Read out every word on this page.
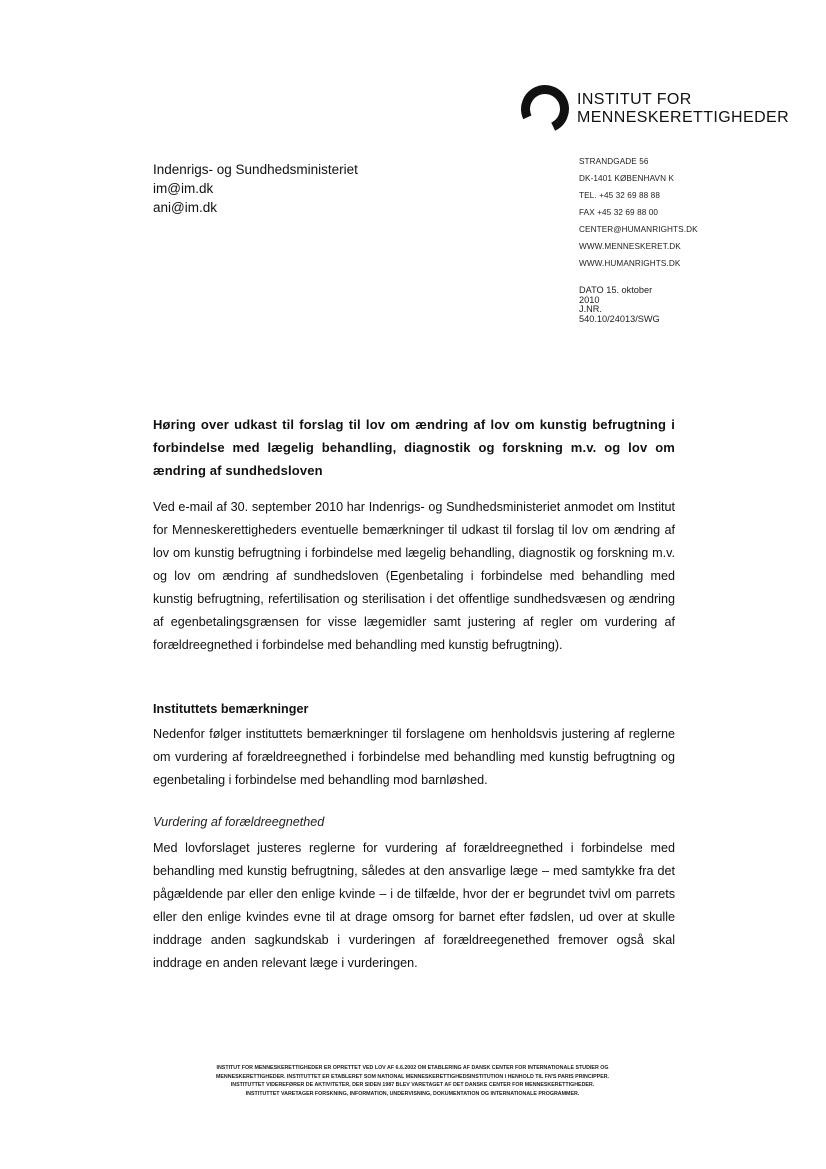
INSTITUT FOR
MENNESKERETTIGHEDER
Indenrigs- og Sundhedsministeriet
im@im.dk
ani@im.dk
STRANDGADE 56
DK-1401 KØBENHAVN K
TEL. +45 32 69 88 88
FAX +45 32 69 88 00
CENTER@HUMANRIGHTS.DK
WWW.MENNESKERET.DK
WWW.HUMANRIGHTS.DK
DATO 15. oktober
2010
J.NR.
540.10/24013/SWG
Høring over udkast til forslag til lov om ændring af lov om kunstig befrugtning i forbindelse med lægelig behandling, diagnostik og forskning m.v. og lov om ændring af sundhedsloven
Ved e-mail af 30. september 2010 har Indenrigs- og Sundhedsministeriet anmodet om Institut for Menneskerettigheders eventuelle bemærkninger til udkast til forslag til lov om ændring af lov om kunstig befrugtning i forbindelse med lægelig behandling, diagnostik og forskning m.v. og lov om ændring af sundhedsloven (Egenbetaling i forbindelse med behandling med kunstig befrugtning, refertilisation og sterilisation i det offentlige sundhedsvæsen og ændring af egenbetalingsgrænsen for visse lægemidler samt justering af regler om vurdering af forældreegnethed i forbindelse med behandling med kunstig befrugtning).
Instituttets bemærkninger
Nedenfor følger instituttets bemærkninger til forslagene om henholdsvis justering af reglerne om vurdering af forældreegnethed i forbindelse med behandling med kunstig befrugtning og egenbetaling i forbindelse med behandling mod barnløshed.
Vurdering af forældreegnethed
Med lovforslaget justeres reglerne for vurdering af forældreegnethed i forbindelse med behandling med kunstig befrugtning, således at den ansvarlige læge – med samtykke fra det pågældende par eller den enlige kvinde – i de tilfælde, hvor der er begrundet tvivl om parrets eller den enlige kvindes evne til at drage omsorg for barnet efter fødslen, ud over at skulle inddrage anden sagkundskab i vurderingen af forældreegenethed fremover også skal inddrage en anden relevant læge i vurderingen.
INSTITUT FOR MENNESKERETTIGHEDER ER OPRETTET VED LOV AF 6.6.2002 OM ETABLERING AF DANSK CENTER FOR INTERNATIONALE STUDIER OG
MENNESKERETTIGHEDER. INSTITUTTET ER ETABLERET SOM NATIONAL MENNESKERETTIGHEDSINSTITUTION I HENHOLD TIL FN'S PARIS PRINCIPPER.
INSTITUTTET VIDEREFØRER DE AKTIVITETER, DER SIDEN 1987 BLEV VARETAGET AF DET DANSKE CENTER FOR MENNESKERETTIGHEDER.
INSTITUTTET VARETAGER FORSKNING, INFORMATION, UNDERVISNING, DOKUMENTATION OG INTERNATIONALE PROGRAMMER.
